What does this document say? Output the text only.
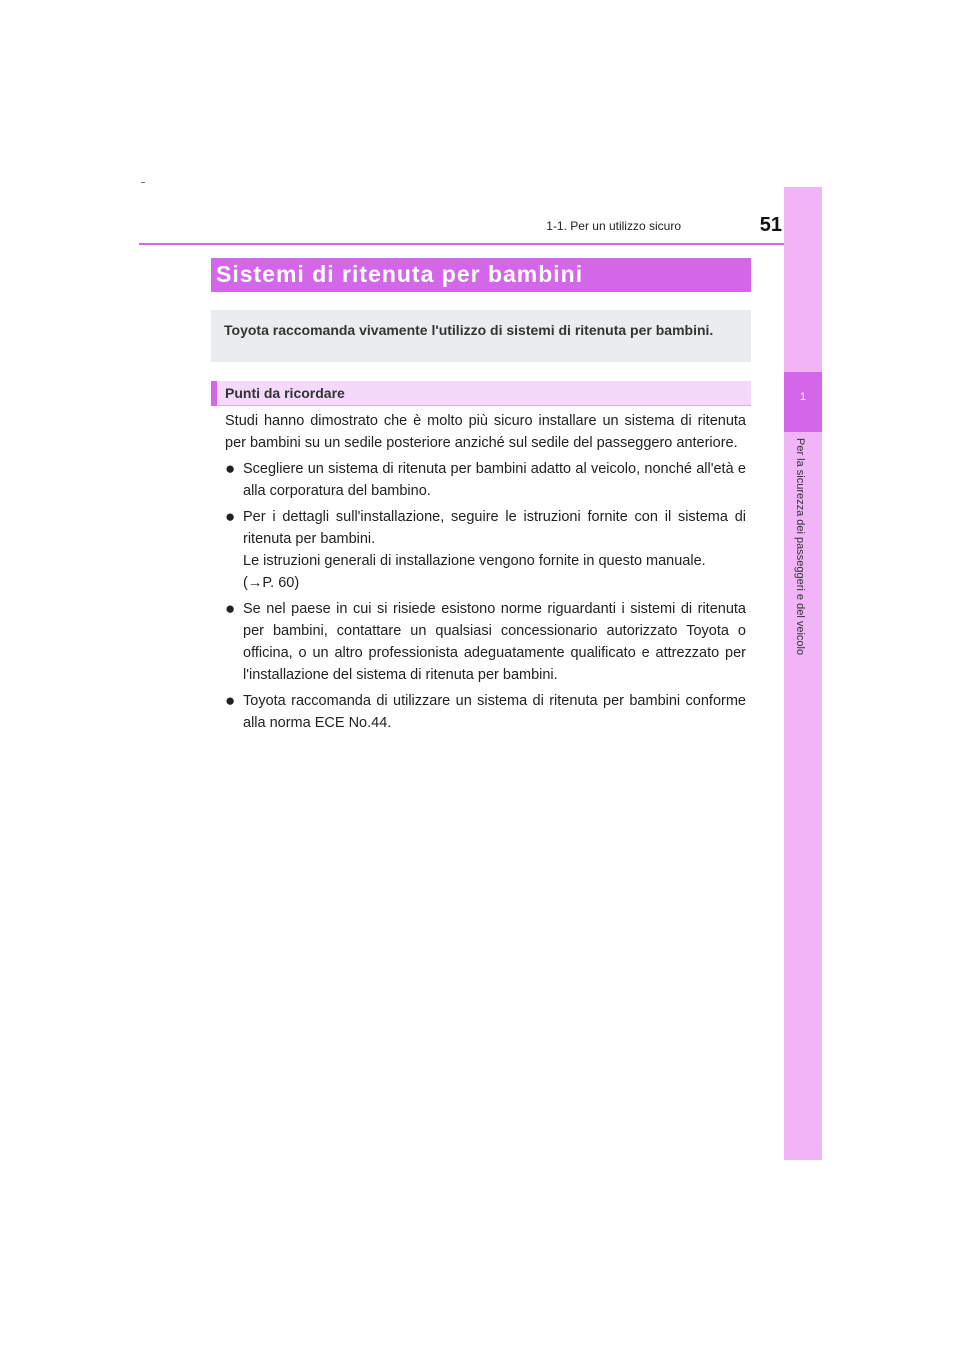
1-1. Per un utilizzo sicuro	51
1
Per la sicurezza dei passeggeri e del veicolo
Sistemi di ritenuta per bambini

Toyota raccomanda vivamente l'utilizzo di sistemi di ritenuta per bambini.

Punti da ricordare

Studi hanno dimostrato che è molto più sicuro installare un sistema di ritenuta per bambini su un sedile posteriore anziché sul sedile del passeggero anteriore.

● Scegliere un sistema di ritenuta per bambini adatto al veicolo, nonché all'età e alla corporatura del bambino.

● Per i dettagli sull'installazione, seguire le istruzioni fornite con il sistema di ritenuta per bambini.

Le istruzioni generali di installazione vengono fornite in questo manuale.

(→P. 60)

● Se nel paese in cui si risiede esistono norme riguardanti i sistemi di ritenuta per bambini, contattare un qualsiasi concessionario autorizzato Toyota o officina, o un altro professionista adeguatamente qualificato e attrezzato per l'installazione del sistema di ritenuta per bambini.

● Toyota raccomanda di utilizzare un sistema di ritenuta per bambini conforme alla norma ECE No.44.
